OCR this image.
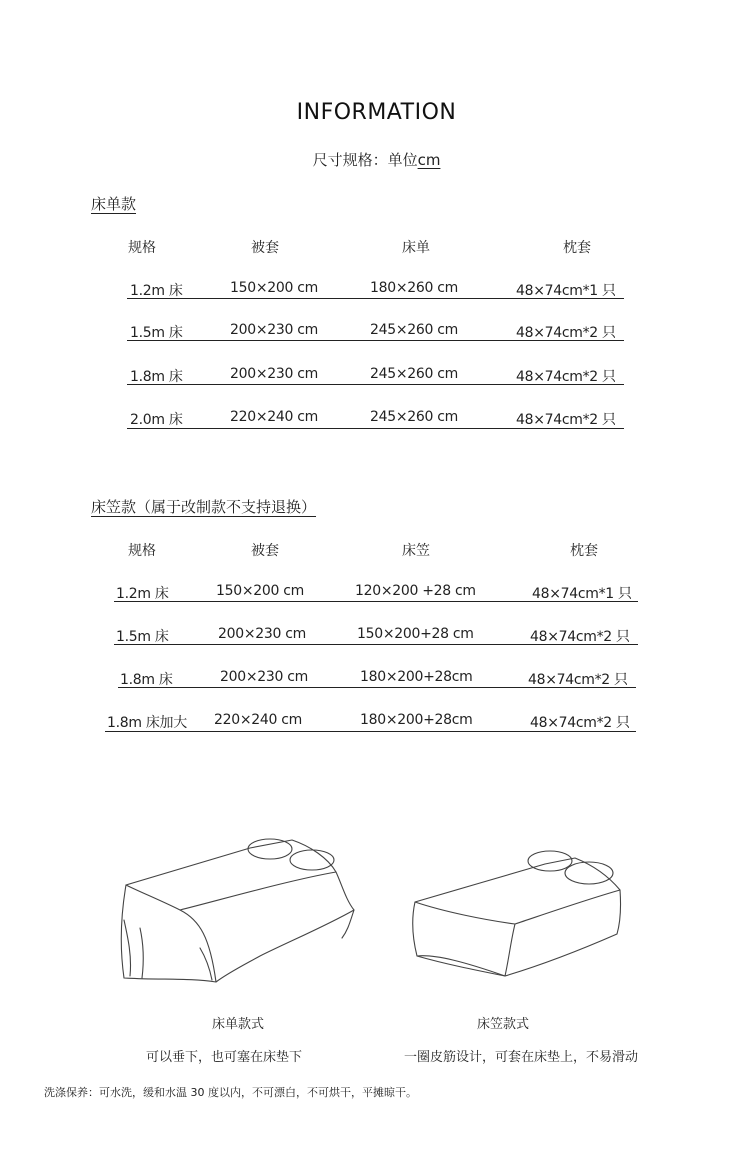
INFORMATION
尺寸规格：单位cm
床单款
规格	被套	床单	枕套
1.2m 床	150×200 cm	180×260 cm	48×74cm*1 只
1.5m 床	200×230 cm	245×260 cm	48×74cm*2 只
1.8m 床	200×230 cm	245×260 cm	48×74cm*2 只
2.0m 床	220×240 cm	245×260 cm	48×74cm*2 只
床笠款（属于改制款不支持退换）
规格	被套	床笠	枕套
1.2m 床	150×200 cm	120×200 +28 cm	48×74cm*1 只
1.5m 床	200×230 cm	150×200+28 cm	48×74cm*2 只
1.8m 床	200×230 cm	180×200+28cm	48×74cm*2 只
1.8m 床加大 220×240 cm	180×200+28cm	48×74cm*2 只
床单款式
可以垂下，也可塞在床垫下
床笠款式
一圈皮筋设计，可套在床垫上，不易滑动
洗涤保养：可水洗，缓和水温 30 度以内，不可漂白，不可烘干，平摊晾干。
